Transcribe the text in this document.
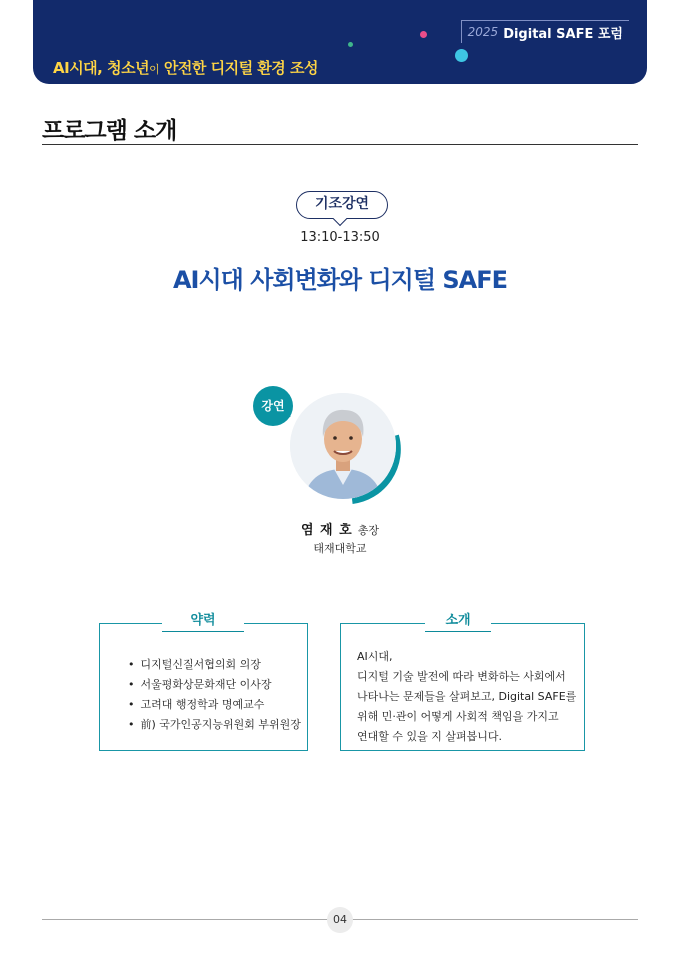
AI시대, 청소년이 안전한 디지털 환경 조성
2025 Digital SAFE 포럼
프로그램 소개
기조강연
13:10-13:50
AI시대 사회변화와 디지털 SAFE
강연
염 재 호 총장
태재대학교
• 디지털신질서협의회 의장
• 서울평화상문화재단 이사장
• 고려대 행정학과 명예교수
• 前) 국가인공지능위원회 부위원장
약력
AI시대,
디지털 기술 발전에 따라 변화하는 사회에서
나타나는 문제들을 살펴보고, Digital SAFE를
위해 민·관이 어떻게 사회적 책임을 가지고
연대할 수 있을 지 살펴봅니다.
소개
04
